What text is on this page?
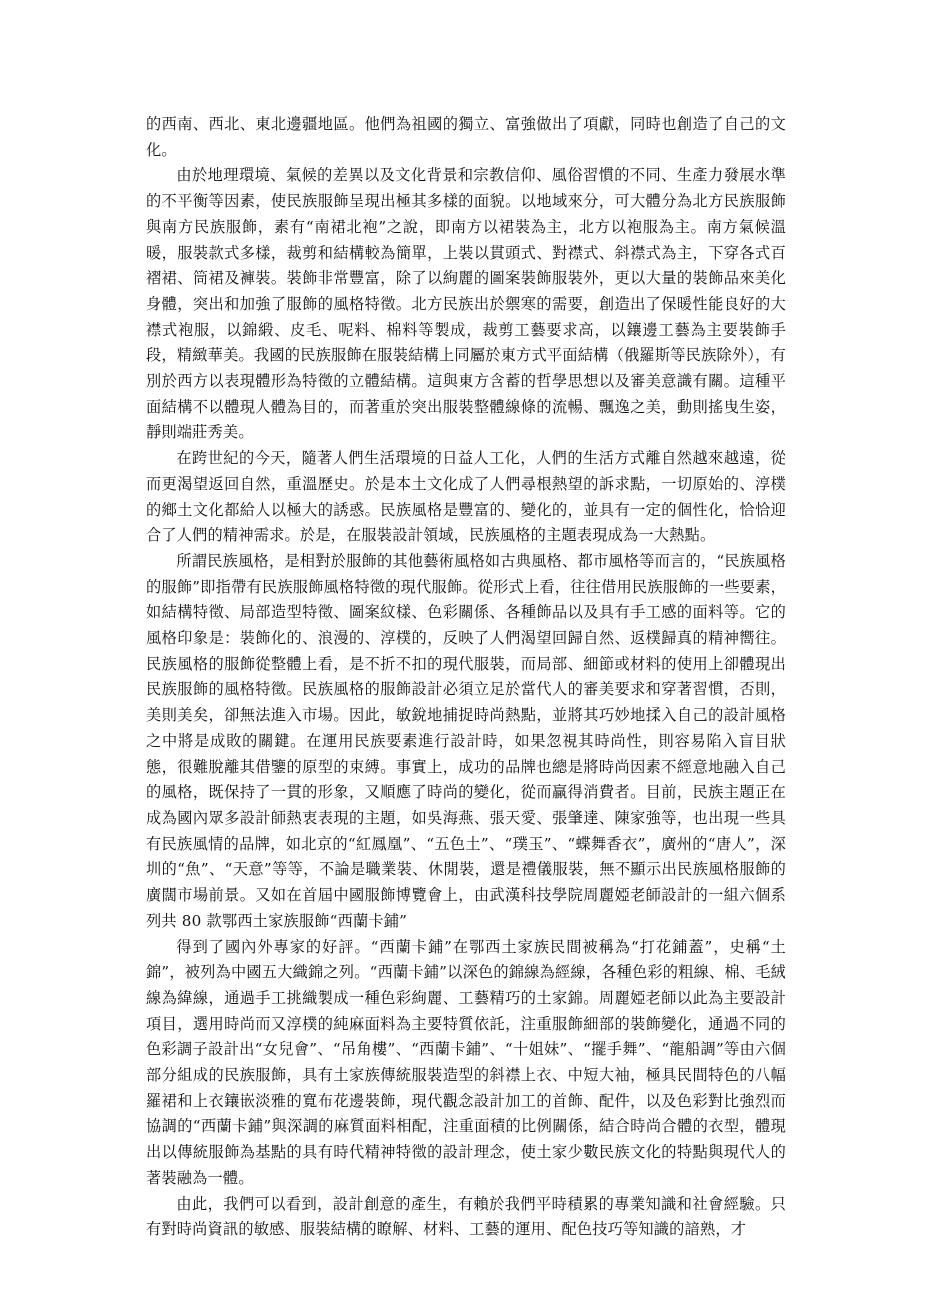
的西南、西北、東北邊疆地區。他們為祖國的獨立、富強做出了項獻，同時也創造了自己的文化。

由於地理環境、氣候的差異以及文化背景和宗教信仰、風俗習慣的不同、生產力發展水準的不平衡等因素，使民族服飾呈現出極其多樣的面貌。以地域來分，可大體分為北方民族服飾與南方民族服飾，素有“南裙北袍”之說，即南方以裙裝為主，北方以袍服為主。南方氣候溫暖，服裝款式多樣，裁剪和結構較為簡單，上裝以貫頭式、對襟式、斜襟式為主，下穿各式百褶裙、筒裙及褲裝。裝飾非常豐富，除了以絢麗的圖案裝飾服裝外，更以大量的裝飾品來美化身體，突出和加強了服飾的風格特徵。北方民族出於禦寒的需要，創造出了保暖性能良好的大襟式袍服，以錦緞、皮毛、呢料、棉料等製成，裁剪工藝要求高，以鑲邊工藝為主要裝飾手段，精緻華美。我國的民族服飾在服裝結構上同屬於東方式平面結構（俄羅斯等民族除外），有別於西方以表現體形為特徵的立體結構。這與東方含蓄的哲學思想以及審美意識有關。這種平面結構不以體現人體為目的，而著重於突出服裝整體線條的流暢、飄逸之美，動則搖曳生姿，靜則端莊秀美。

在跨世紀的今天，隨著人們生活環境的日益人工化，人們的生活方式離自然越來越遠，從而更渴望返回自然，重溫歷史。於是本土文化成了人們尋根熱望的訴求點，一切原始的、淳樸的鄉土文化都給人以極大的誘惑。民族風格是豐富的、變化的，並具有一定的個性化，恰恰迎合了人們的精神需求。於是，在服裝設計領域，民族風格的主題表現成為一大熱點。

所謂民族風格，是相對於服飾的其他藝術風格如古典風格、都市風格等而言的，“民族風格的服飾”即指帶有民族服飾風格特徵的現代服飾。從形式上看，往往借用民族服飾的一些要素，如結構特徵、局部造型特徵、圖案紋樣、色彩關係、各種飾品以及具有手工感的面料等。它的風格印象是：裝飾化的、浪漫的、淳樸的，反映了人們渴望回歸自然、返樸歸真的精神嚮往。民族風格的服飾從整體上看，是不折不扣的現代服裝，而局部、細節或材料的使用上卻體現出民族服飾的風格特徵。民族風格的服飾設計必須立足於當代人的審美要求和穿著習慣，否則，美則美矣，卻無法進入市場。因此，敏銳地捕捉時尚熱點，並將其巧妙地揉入自己的設計風格之中將是成敗的關鍵。在運用民族要素進行設計時，如果忽視其時尚性，則容易陷入盲目狀態，很難脫離其借鑒的原型的束縛。事實上，成功的品牌也總是將時尚因素不經意地融入自己的風格，既保持了一貫的形象，又順應了時尚的變化，從而贏得消費者。目前，民族主題正在成為國內眾多設計師熱衷表現的主題，如吳海燕、張天愛、張肇達、陳家強等，也出現一些具有民族風情的品牌，如北京的“紅鳳凰”、“五色土”、“璞玉”、“蝶舞香衣”，廣州的“唐人”，深圳的“魚”、“天意”等等，不論是職業裝、休閒裝，還是禮儀服裝，無不顯示出民族風格服飾的廣闊市場前景。又如在首屆中國服飾博覽會上，由武漢科技學院周麗婭老師設計的一組六個系列共 80 款鄂西土家族服飾“西蘭卡鋪”

得到了國內外專家的好評。“西蘭卡鋪”在鄂西土家族民間被稱為“打花鋪蓋”，史稱“土錦”，被列為中國五大織錦之列。“西蘭卡鋪”以深色的錦線為經線，各種色彩的粗線、棉、毛絨線為緯線，通過手工挑織製成一種色彩絢麗、工藝精巧的土家錦。周麗婭老師以此為主要設計項目，選用時尚而又淳樸的純麻面料為主要特質依託，注重服飾細部的裝飾變化，通過不同的色彩調子設計出“女兒會”、“吊角樓”、“西蘭卡鋪”、“十姐妹”、“擺手舞”、“龍船調”等由六個部分組成的民族服飾，具有土家族傳統服裝造型的斜襟上衣、中短大袖，極具民間特色的八幅羅裙和上衣鑲嵌淡雅的寬布花邊裝飾，現代觀念設計加工的首飾、配件，以及色彩對比強烈而協調的“西蘭卡鋪”與深調的麻質面料相配，注重面積的比例關係，結合時尚合體的衣型，體現出以傳統服飾為基點的具有時代精神特徵的設計理念，使土家少數民族文化的特點與現代人的著裝融為一體。

由此，我們可以看到，設計創意的產生，有賴於我們平時積累的專業知識和社會經驗。只有對時尚資訊的敏感、服裝結構的瞭解、材料、工藝的運用、配色技巧等知識的諳熟，才
